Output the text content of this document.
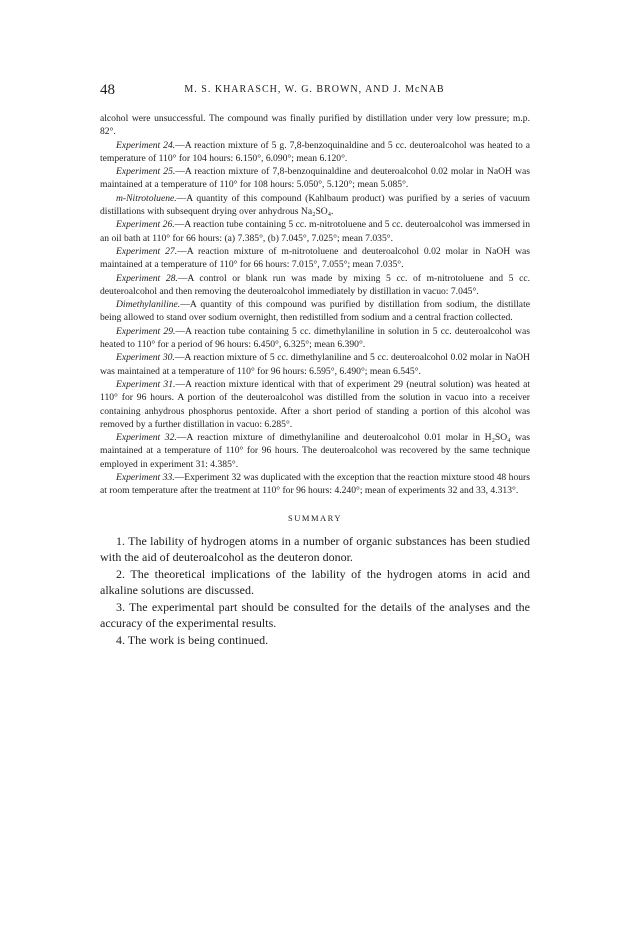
48	M. S. KHARASCH, W. G. BROWN, AND J. McNAB

alcohol were unsuccessful. The compound was finally purified by distillation under very low pressure; m.p. 82°.

Experiment 24.—A reaction mixture of 5 g. 7,8-benzoquinaldine and 5 cc. deuteroalcohol was heated to a temperature of 110° for 104 hours: 6.150°, 6.090°; mean 6.120°.

Experiment 25.—A reaction mixture of 7,8-benzoquinaldine and deuteroalcohol 0.02 molar in NaOH was maintained at a temperature of 110° for 108 hours: 5.050°, 5.120°; mean 5.085°.

m-Nitrotoluene.—A quantity of this compound (Kahlbaum product) was purified by a series of vacuum distillations with subsequent drying over anhydrous Na₂SO₄.

Experiment 26.—A reaction tube containing 5 cc. m-nitrotoluene and 5 cc. deuteroalcohol was immersed in an oil bath at 110° for 66 hours: (a) 7.385°, (b) 7.045°, 7.025°; mean 7.035°.

Experiment 27.—A reaction mixture of m-nitrotoluene and deuteroalcohol 0.02 molar in NaOH was maintained at a temperature of 110° for 66 hours: 7.015°, 7.055°; mean 7.035°.

Experiment 28.—A control or blank run was made by mixing 5 cc. of m-nitrotoluene and 5 cc. deuteroalcohol and then removing the deuteroalcohol immediately by distillation in vacuo: 7.045°.

Dimethylaniline.—A quantity of this compound was purified by distillation from sodium, the distillate being allowed to stand over sodium overnight, then redistilled from sodium and a central fraction collected.

Experiment 29.—A reaction tube containing 5 cc. dimethylaniline in solution in 5 cc. deuteroalcohol was heated to 110° for a period of 96 hours: 6.450°, 6.325°; mean 6.390°.

Experiment 30.—A reaction mixture of 5 cc. dimethylaniline and 5 cc. deuteroalcohol 0.02 molar in NaOH was maintained at a temperature of 110° for 96 hours: 6.595°, 6.490°; mean 6.545°.

Experiment 31.—A reaction mixture identical with that of experiment 29 (neutral solution) was heated at 110° for 96 hours. A portion of the deuteroalcohol was distilled from the solution in vacuo into a receiver containing anhydrous phosphorus pentoxide. After a short period of standing a portion of this alcohol was removed by a further distillation in vacuo: 6.285°.

Experiment 32.—A reaction mixture of dimethylaniline and deuteroalcohol 0.01 molar in H₂SO₄ was maintained at a temperature of 110° for 96 hours. The deuteroalcohol was recovered by the same technique employed in experiment 31: 4.385°.

Experiment 33.—Experiment 32 was duplicated with the exception that the reaction mixture stood 48 hours at room temperature after the treatment at 110° for 96 hours: 4.240°; mean of experiments 32 and 33, 4.313°.

SUMMARY

1. The lability of hydrogen atoms in a number of organic substances has been studied with the aid of deuteroalcohol as the deuteron donor.

2. The theoretical implications of the lability of the hydrogen atoms in acid and alkaline solutions are discussed.

3. The experimental part should be consulted for the details of the analyses and the accuracy of the experimental results.

4. The work is being continued.
